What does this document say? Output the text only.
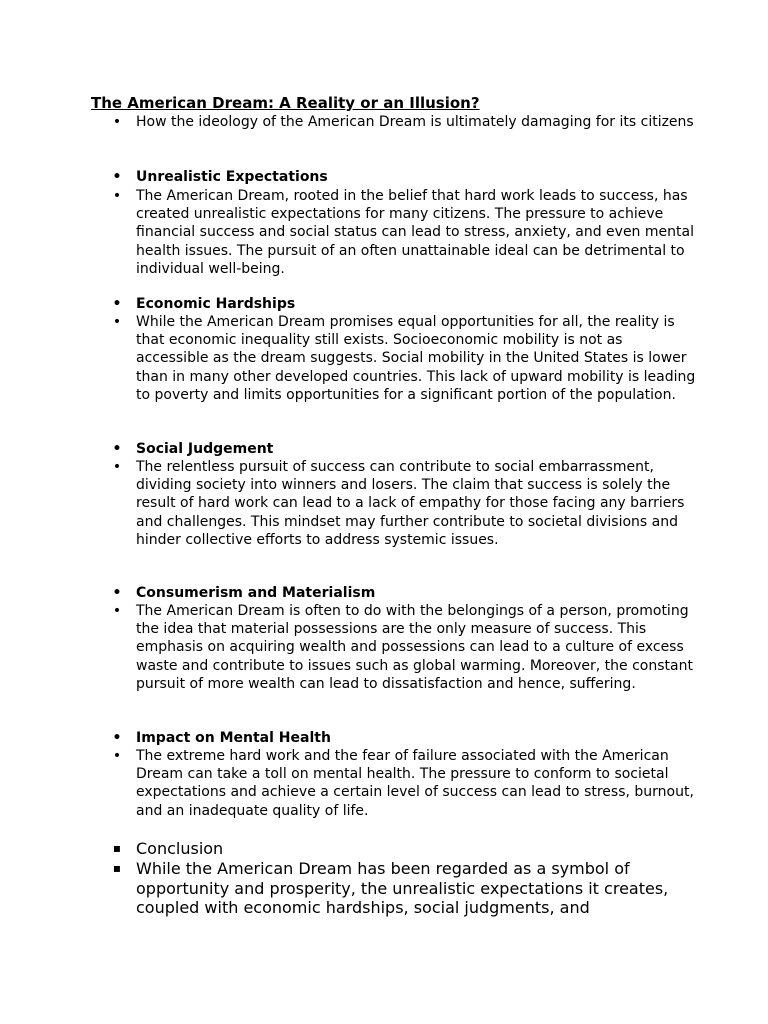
The American Dream: A Reality or an Illusion?
• How the ideology of the American Dream is ultimately damaging for its citizens
• Unrealistic Expectations
• The American Dream, rooted in the belief that hard work leads to success, has created unrealistic expectations for many citizens. The pressure to achieve financial success and social status can lead to stress, anxiety, and even mental health issues. The pursuit of an often unattainable ideal can be detrimental to individual well-being.
• Economic Hardships
• While the American Dream promises equal opportunities for all, the reality is that economic inequality still exists. Socioeconomic mobility is not as accessible as the dream suggests. Social mobility in the United States is lower than in many other developed countries. This lack of upward mobility is leading to poverty and limits opportunities for a significant portion of the population.
• Social Judgement
• The relentless pursuit of success can contribute to social embarrassment, dividing society into winners and losers. The claim that success is solely the result of hard work can lead to a lack of empathy for those facing any barriers and challenges. This mindset may further contribute to societal divisions and hinder collective efforts to address systemic issues.
• Consumerism and Materialism
• The American Dream is often to do with the belongings of a person, promoting the idea that material possessions are the only measure of success. This emphasis on acquiring wealth and possessions can lead to a culture of excess waste and contribute to issues such as global warming. Moreover, the constant pursuit of more wealth can lead to dissatisfaction and hence, suffering.
• Impact on Mental Health
• The extreme hard work and the fear of failure associated with the American Dream can take a toll on mental health. The pressure to conform to societal expectations and achieve a certain level of success can lead to stress, burnout, and an inadequate quality of life.
▪ Conclusion
▪ While the American Dream has been regarded as a symbol of opportunity and prosperity, the unrealistic expectations it creates, coupled with economic hardships, social judgments, and
